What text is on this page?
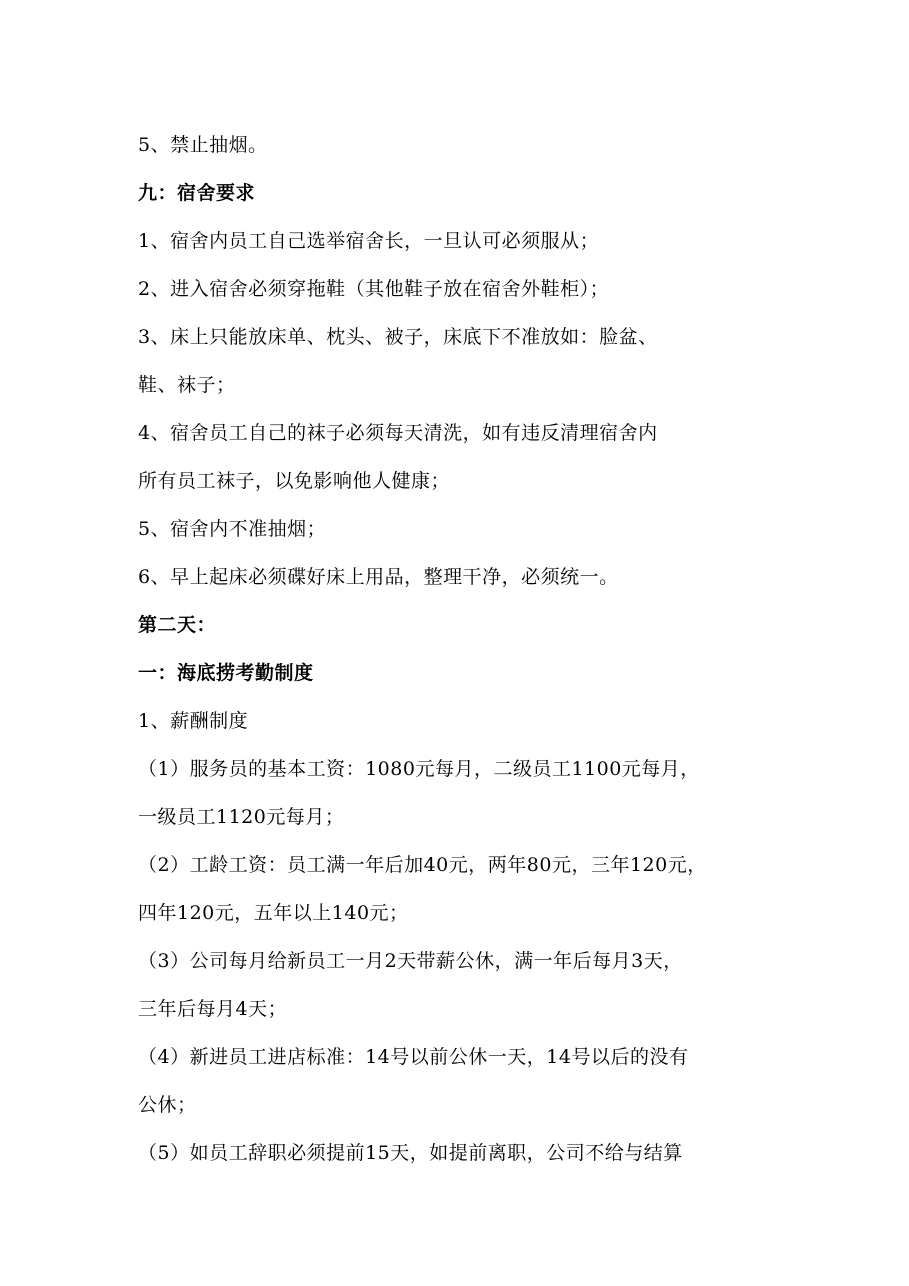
5、禁止抽烟。
九：宿舍要求
1、宿舍内员工自己选举宿舍长，一旦认可必须服从；
2、进入宿舍必须穿拖鞋（其他鞋子放在宿舍外鞋柜）；
3、床上只能放床单、枕头、被子，床底下不准放如：脸盆、
鞋、袜子；
4、宿舍员工自己的袜子必须每天清洗，如有违反清理宿舍内
所有员工袜子，以免影响他人健康；
5、宿舍内不准抽烟；
6、早上起床必须碟好床上用品，整理干净，必须统一。
第二天：
一：海底捞考勤制度
1、薪酬制度
（1）服务员的基本工资：1080元每月，二级员工1100元每月，
一级员工1120元每月；
（2）工龄工资：员工满一年后加40元，两年80元，三年120元，
四年120元，五年以上140元；
（3）公司每月给新员工一月2天带薪公休，满一年后每月3天，
三年后每月4天；
（4）新进员工进店标准：14号以前公休一天，14号以后的没有
公休；
（5）如员工辞职必须提前15天，如提前离职，公司不给与结算
